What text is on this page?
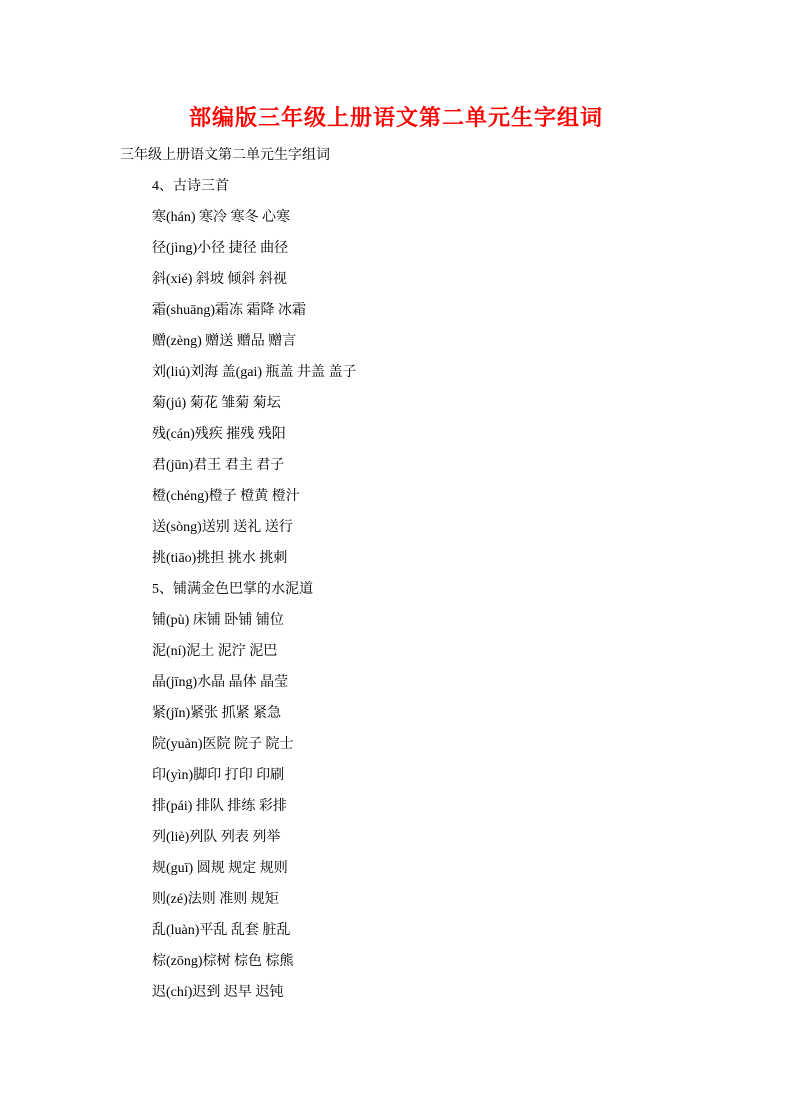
部编版三年级上册语文第二单元生字组词

三年级上册语文第二单元生字组词

4、古诗三首

寒(hán) 寒冷 寒冬 心寒

径(jìng)小径 捷径 曲径

斜(xié) 斜坡 倾斜 斜视

霜(shuāng)霜冻 霜降 冰霜

赠(zèng) 赠送 赠品 赠言

刘(liú)刘海 盖(gai) 瓶盖 井盖 盖子

菊(jú) 菊花 雏菊 菊坛

残(cán)残疾 摧残 残阳

君(jūn)君王 君主 君子

橙(chéng)橙子 橙黄 橙汁

送(sòng)送别 送礼 送行

挑(tiāo)挑担 挑水 挑刺

5、铺满金色巴掌的水泥道

铺(pù) 床铺 卧铺 铺位

泥(ní)泥土 泥泞 泥巴

晶(jīng)水晶 晶体 晶莹

紧(jǐn)紧张 抓紧 紧急

院(yuàn)医院 院子 院士

印(yìn)脚印 打印 印刷

排(pái) 排队 排练 彩排

列(liè)列队 列表 列举

规(guī) 圆规 规定 规则

则(zé)法则 准则 规矩

乱(luàn)平乱 乱套 脏乱

棕(zōng)棕树 棕色 棕熊

迟(chí)迟到 迟早 迟钝
